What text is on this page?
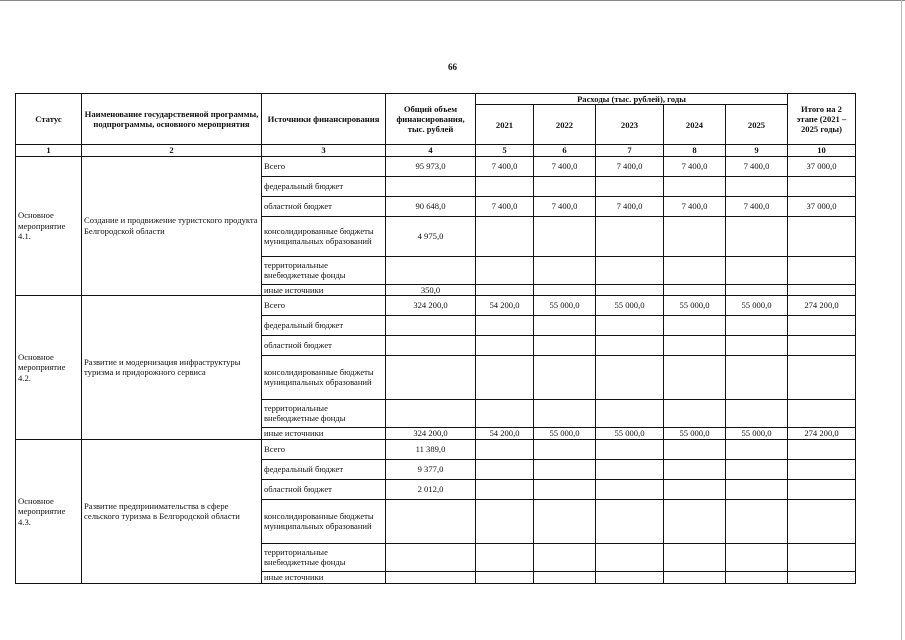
66
Статус	Наименование государственной программы, подпрограммы, основного мероприятия	Источники финансирования	Общий объем финансирования, тыс. рублей	Расходы (тыс. рублей), годы					Итого на 2 этапе (2021 – 2025 годы)
				2021	2022	2023	2024	2025	
1	2	3	4	5	6	7	8	9	10
Основное мероприятие 4.1.	Создание и продвижение туристского продукта Белгородской области	Всего	95 973,0	7 400,0	7 400,0	7 400,0	7 400,0	7 400,0	37 000,0
		федеральный бюджет							
		областной бюджет	90 648,0	7 400,0	7 400,0	7 400,0	7 400,0	7 400,0	37 000,0
		консолидированные бюджеты муниципальных образований	4 975,0						
		территориальные внебюджетные фонды							
		иные источники	350,0						
Основное мероприятие 4.2.	Развитие и модернизация инфраструктуры туризма и придорожного сервиса	Всего	324 200,0	54 200,0	55 000,0	55 000,0	55 000,0	55 000,0	274 200,0
		федеральный бюджет							
		областной бюджет							
		консолидированные бюджеты муниципальных образований							
		территориальные внебюджетные фонды							
		иные источники	324 200,0	54 200,0	55 000,0	55 000,0	55 000,0	55 000,0	274 200,0
Основное мероприятие 4.3.	Развитие предпринимательства в сфере сельского туризма в Белгородской области	Всего	11 389,0						
		федеральный бюджет	9 377,0						
		областной бюджет	2 012,0						
		консолидированные бюджеты муниципальных образований							
		территориальные внебюджетные фонды							
		иные источники							
